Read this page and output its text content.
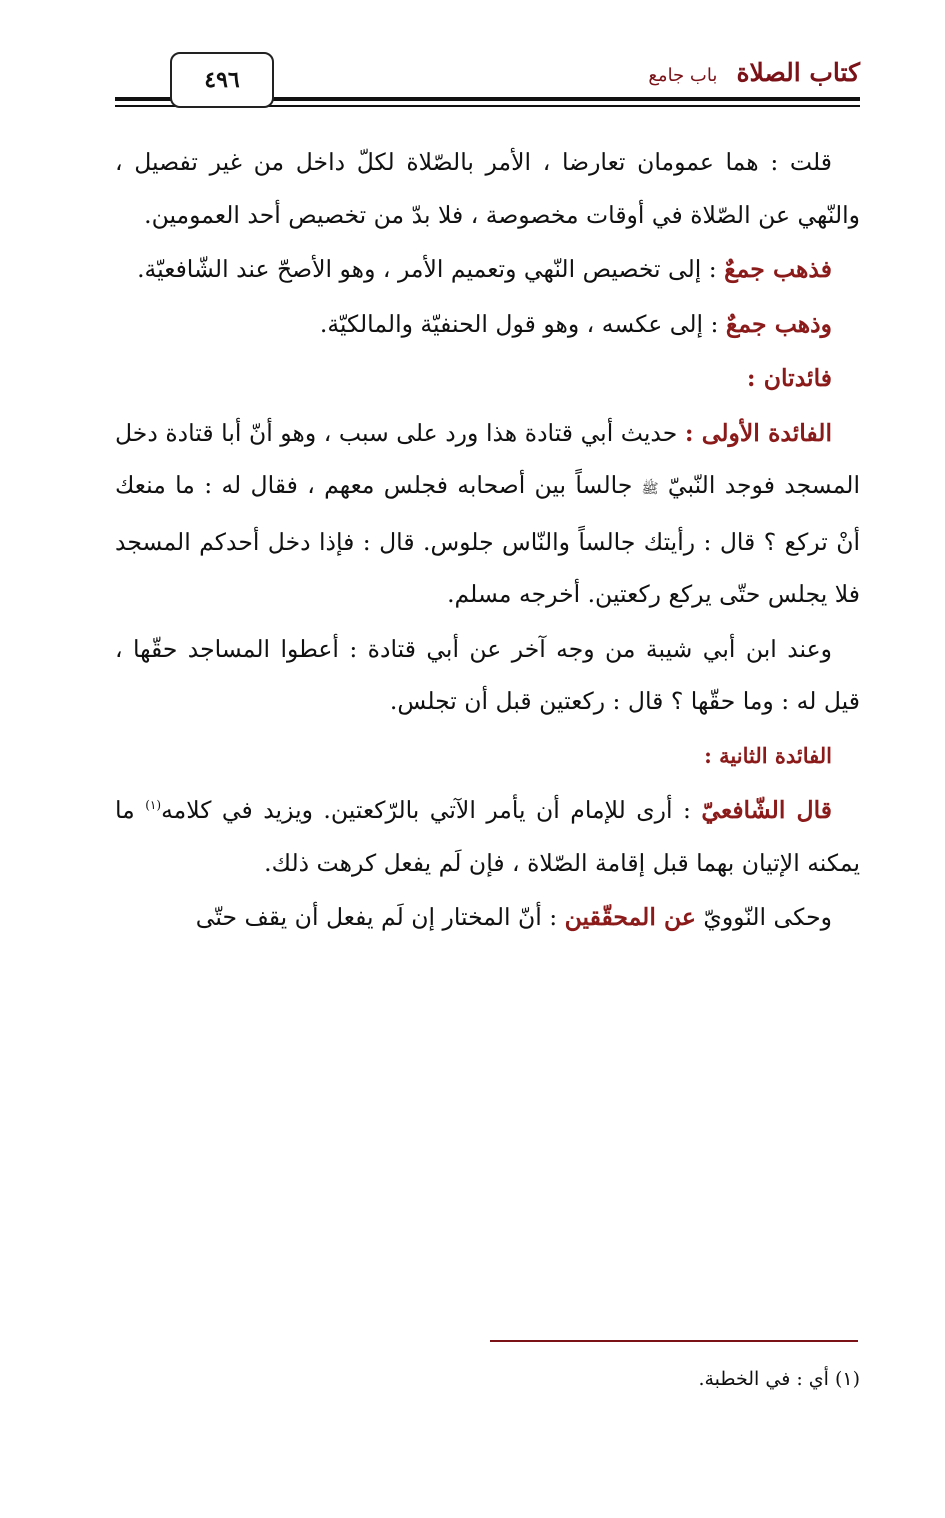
٤٩٦	كتاب الصلاة باب جامع

قلت : هما عمومان تعارضا ، الأمر بالصّلاة لكلّ داخل من غير تفصيل ، والنّهي عن الصّلاة في أوقات مخصوصة ، فلا بدّ من تخصيص أحد العمومين.

فذهب جمعٌ : إلى تخصيص النّهي وتعميم الأمر ، وهو الأصحّ عند الشّافعيّة.

وذهب جمعٌ : إلى عكسه ، وهو قول الحنفيّة والمالكيّة.

فائدتان :

الفائدة الأولى : حديث أبي قتادة هذا ورد على سبب ، وهو أنّ أبا قتادة دخل المسجد فوجد النّبيّ ﷺ جالساً بين أصحابه فجلس معهم ، فقال له : ما منعك أنْ تركع ؟ قال : رأيتك جالساً والنّاس جلوس. قال : فإذا دخل أحدكم المسجد فلا يجلس حتّى يركع ركعتين. أخرجه مسلم.

وعند ابن أبي شيبة من وجه آخر عن أبي قتادة : أعطوا المساجد حقّها ، قيل له : وما حقّها ؟ قال : ركعتين قبل أن تجلس.

الفائدة الثانية :

قال الشّافعيّ : أرى للإمام أن يأمر الآتي بالرّكعتين. ويزيد في كلامه$^{(١)}$ ما يمكنه الإتيان بهما قبل إقامة الصّلاة ، فإن لَم يفعل كرهت ذلك.

وحكى النّوويّ عن المحقّقين : أنّ المختار إن لَم يفعل أن يقف حتّى

(١) أي : في الخطبة.
